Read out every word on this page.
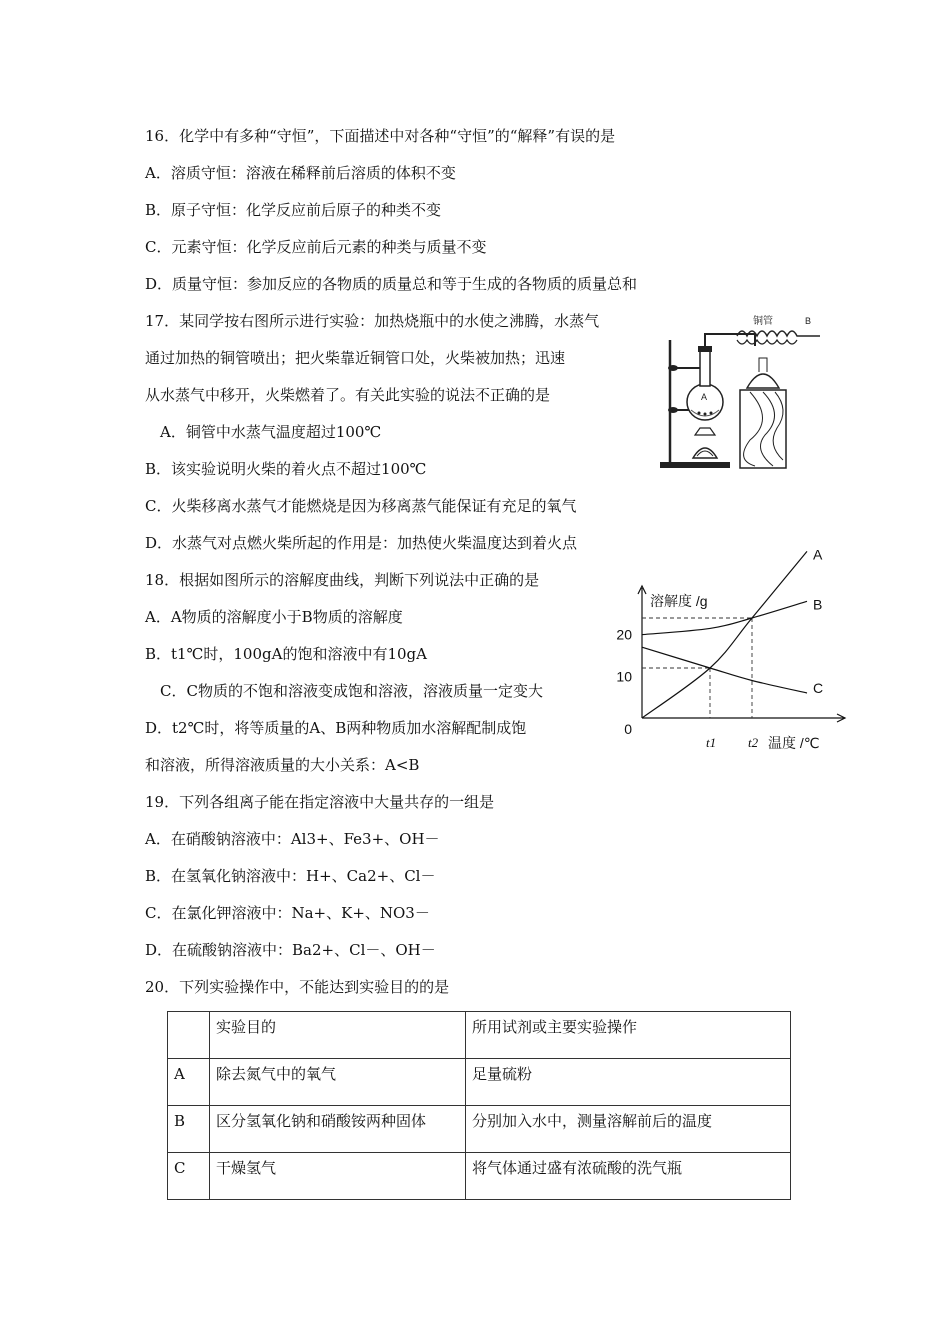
16．化学中有多种“守恒”，下面描述中对各种“守恒”的“解释”有误的是
A．溶质守恒：溶液在稀释前后溶质的体积不变
B．原子守恒：化学反应前后原子的种类不变
C．元素守恒：化学反应前后元素的种类与质量不变
D．质量守恒：参加反应的各物质的质量总和等于生成的各物质的质量总和
17．某同学按右图所示进行实验：加热烧瓶中的水使之沸腾，水蒸气
通过加热的铜管喷出；把火柴靠近铜管口处，火柴被加热；迅速
从水蒸气中移开，火柴燃着了。有关此实验的说法不正确的是
A．铜管中水蒸气温度超过100℃
B．该实验说明火柴的着火点不超过100℃
C．火柴移离水蒸气才能燃烧是因为移离蒸气能保证有充足的氧气
D．水蒸气对点燃火柴所起的作用是：加热使火柴温度达到着火点
A
铜管	B
18．根据如图所示的溶解度曲线，判断下列说法中正确的是
A．A物质的溶解度小于B物质的溶解度
B．t1℃时，100gA的饱和溶液中有10gA
C．C物质的不饱和溶液变成饱和溶液，溶液质量一定变大
D．t2℃时，将等质量的A、B两种物质加水溶解配制成饱
和溶液，所得溶液质量的大小关系：A<B
0
10
20
t1 t2
溶解度 /g
温度 /℃
A
B
C
19．下列各组离子能在指定溶液中大量共存的一组是
A．在硝酸钠溶液中：Al3+、Fe3+、OH－
B．在氢氧化钠溶液中：H+、Ca2+、Cl－
C．在氯化钾溶液中：Na+、K+、NO3－
D．在硫酸钠溶液中：Ba2+、Cl－、OH－
20．下列实验操作中，不能达到实验目的的是
	实验目的	所用试剂或主要实验操作
A	除去氮气中的氧气	足量硫粉
B	区分氢氧化钠和硝酸铵两种固体	分别加入水中，测量溶解前后的温度
C	干燥氢气	将气体通过盛有浓硫酸的洗气瓶
